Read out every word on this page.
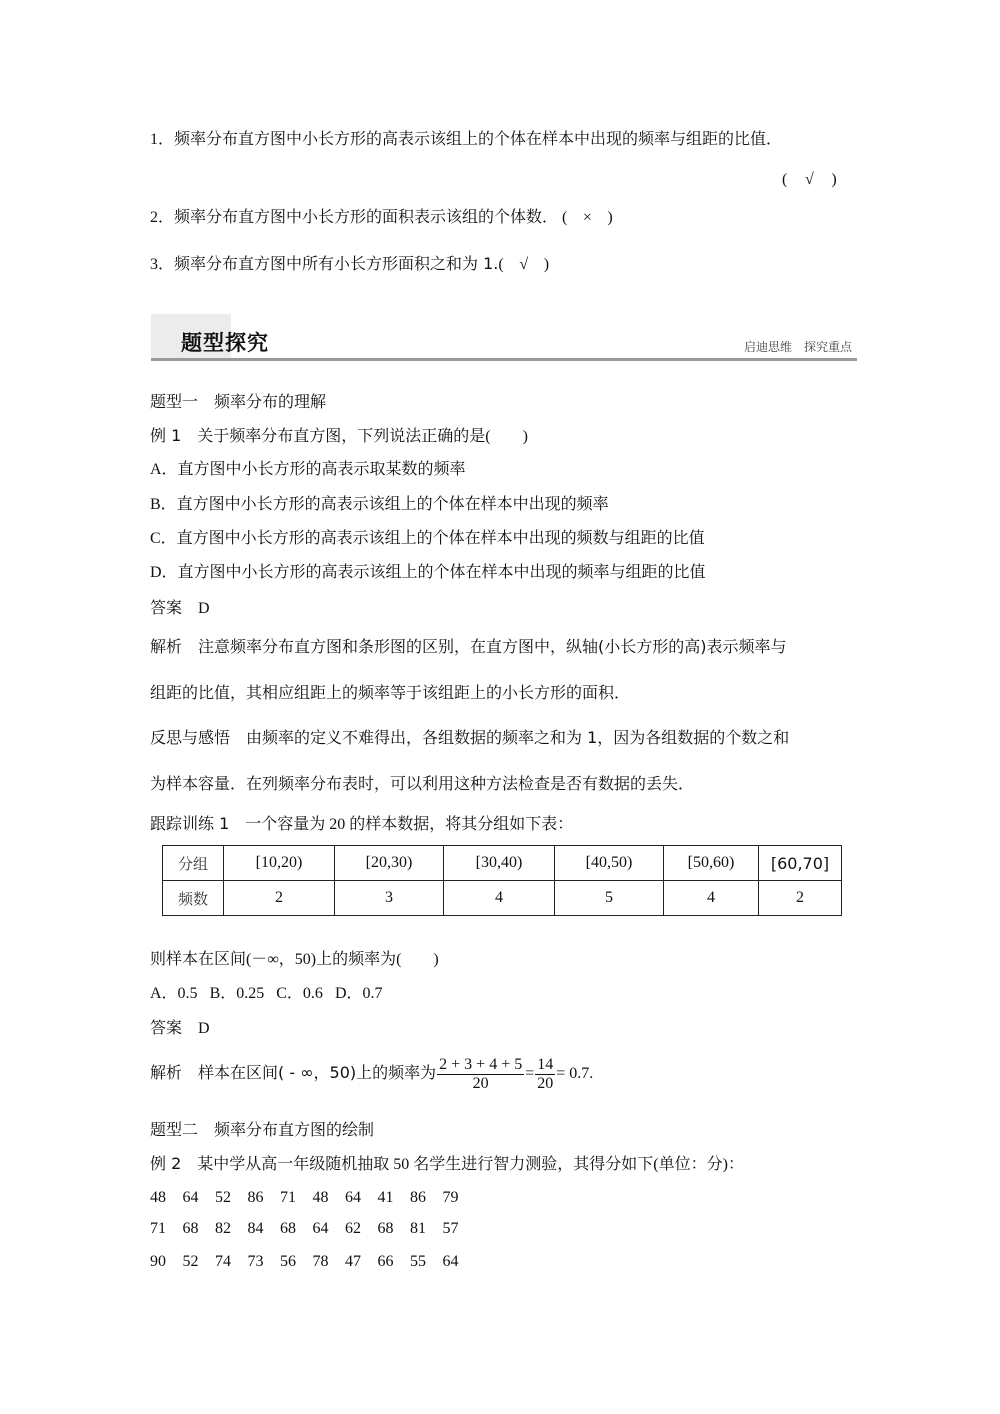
1．频率分布直方图中小长方形的高表示该组上的个体在样本中出现的频率与组距的比值．
( √ )
2．频率分布直方图中小长方形的面积表示该组的个体数． ( × )
3．频率分布直方图中所有小长方形面积之和为 1.( √ )
题型探究	启迪思维　探究重点
题型一　频率分布的理解
例 1 关于频率分布直方图，下列说法正确的是(　　)
A．直方图中小长方形的高表示取某数的频率
B．直方图中小长方形的高表示该组上的个体在样本中出现的频率
C．直方图中小长方形的高表示该组上的个体在样本中出现的频数与组距的比值
D．直方图中小长方形的高表示该组上的个体在样本中出现的频率与组距的比值
答案 D
解析 注意频率分布直方图和条形图的区别，在直方图中，纵轴(小长方形的高)表示频率与
组距的比值，其相应组距上的频率等于该组距上的小长方形的面积．
反思与感悟 由频率的定义不难得出，各组数据的频率之和为 1，因为各组数据的个数之和
为样本容量．在列频率分布表时，可以利用这种方法检查是否有数据的丢失．
跟踪训练 1 一个容量为 20 的样本数据，将其分组如下表：
分组	[10,20)	[20,30)	[30,40)	[40,50)	[50,60)	[60,70]
频数	2	3	4	5	4	2
则样本在区间(－∞，50)上的频率为(　　)
A．0.5 B．0.25 C．0.6 D．0.7
答案 D
解析 样本在区间( - ∞，50)上的频率为 $\frac{2 + 3 + 4 + 5}{20} = \frac{14}{20} = 0.7$.
题型二　频率分布直方图的绘制
例 2 某中学从高一年级随机抽取 50 名学生进行智力测验，其得分如下(单位：分)：
48 64 52 86 71 48 64 41 86 79
71 68 82 84 68 64 62 68 81 57
90 52 74 73 56 78 47 66 55 64
